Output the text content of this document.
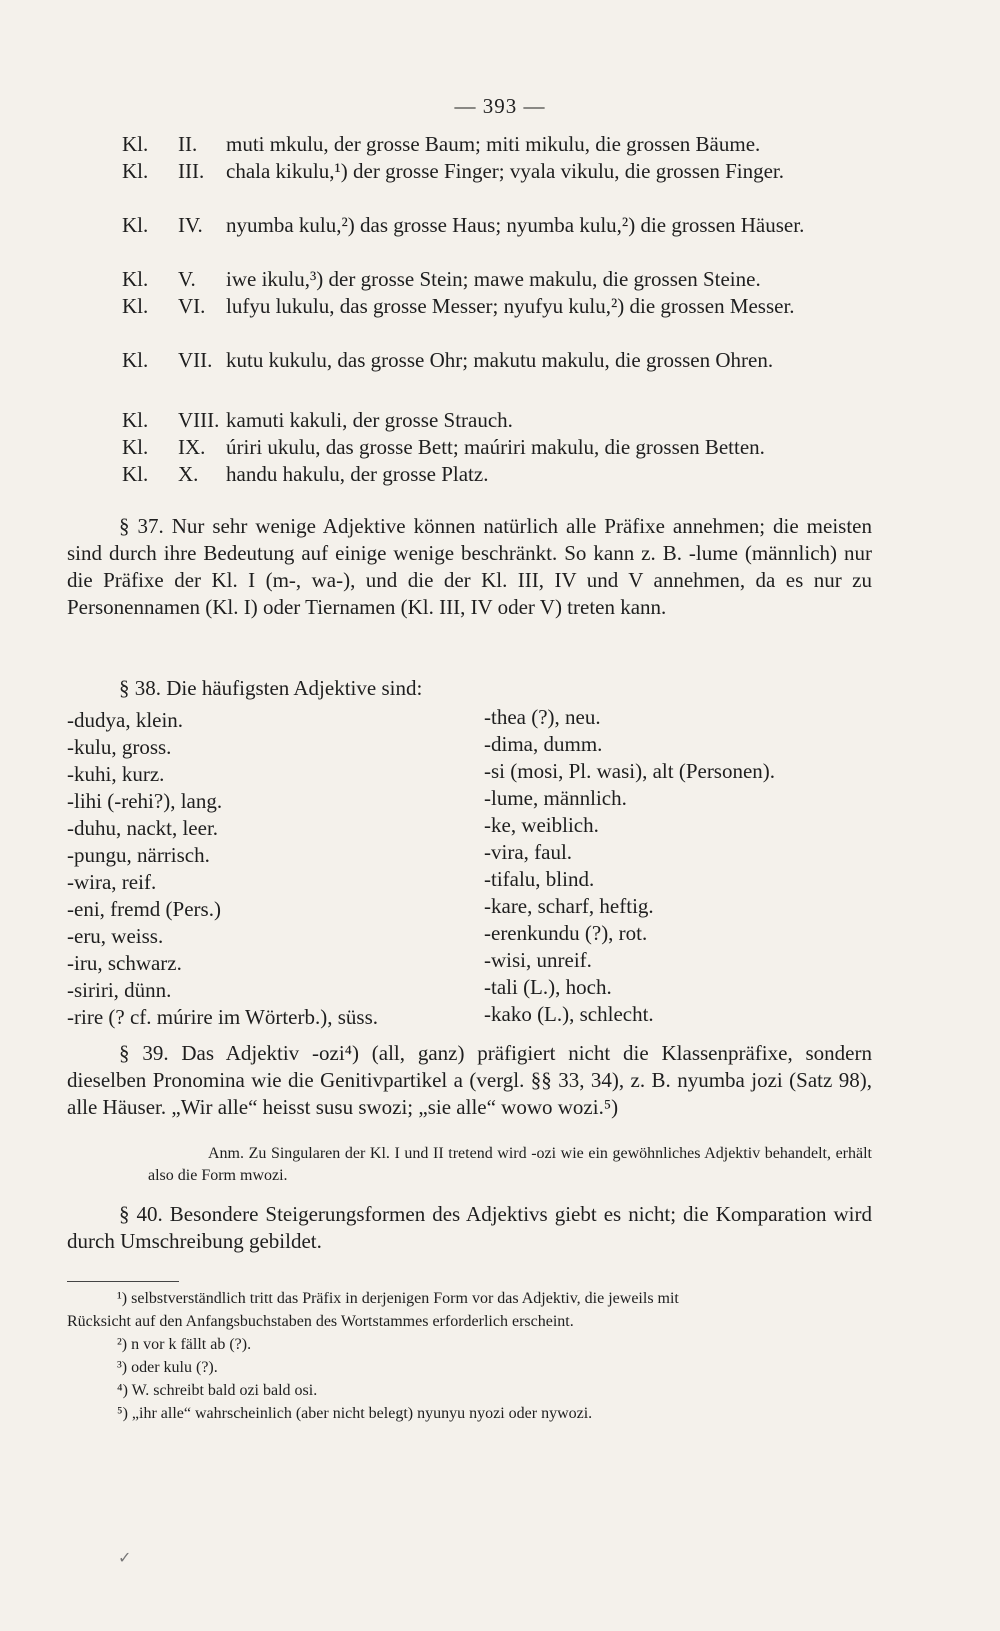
— 393 —
Kl. II. muti mkulu, der grosse Baum; miti mikulu, die grossen Bäume.
Kl. III. chala kikulu,¹) der grosse Finger; vyala vikulu, die grossen Finger.
Kl. IV. nyumba kulu,²) das grosse Haus; nyumba kulu,²) die grossen Häuser.
Kl. V. iwe ikulu,³) der grosse Stein; mawe makulu, die grossen Steine.
Kl. VI. lufyu lukulu, das grosse Messer; nyufyu kulu,²) die grossen Messer.
Kl. VII. kutu kukulu, das grosse Ohr; makutu makulu, die grossen Ohren.
Kl. VIII. kamuti kakuli, der grosse Strauch.
Kl. IX. úriri ukulu, das grosse Bett; maúriri makulu, die grossen Betten.
Kl. X. handu hakulu, der grosse Platz.
§ 37. Nur sehr wenige Adjektive können natürlich alle Präfixe annehmen; die meisten sind durch ihre Bedeutung auf einige wenige beschränkt. So kann z. B. -lume (männlich) nur die Präfixe der Kl. I (m-, wa-), und die der Kl. III, IV und V annehmen, da es nur zu Personennamen (Kl. I) oder Tiernamen (Kl. III, IV oder V) treten kann.
§ 38. Die häufigsten Adjektive sind:
-dudya, klein.
-kulu, gross.
-kuhi, kurz.
-lihi (-rehi?), lang.
-duhu, nackt, leer.
-pungu, närrisch.
-wira, reif.
-eni, fremd (Pers.)
-eru, weiss.
-iru, schwarz.
-siriri, dünn.
-rire (? cf. múrire im Wörterb.), süss.
-thea (?), neu.
-dima, dumm.
-si (mosi, Pl. wasi), alt (Personen).
-lume, männlich.
-ke, weiblich.
-vira, faul.
-tifalu, blind.
-kare, scharf, heftig.
-erenkundu (?), rot.
-wisi, unreif.
-tali (L.), hoch.
-kako (L.), schlecht.
§ 39. Das Adjektiv -ozi⁴) (all, ganz) präfigiert nicht die Klassenpräfixe, sondern dieselben Pronomina wie die Genitivpartikel a (vergl. §§ 33, 34), z. B. nyumba jozi (Satz 98), alle Häuser. „Wir alle“ heisst susu swozi; „sie alle“ wowo wozi.⁵)
Anm. Zu Singularen der Kl. I und II tretend wird -ozi wie ein gewöhnliches Adjektiv behandelt, erhält also die Form mwozi.
§ 40. Besondere Steigerungsformen des Adjektivs giebt es nicht; die Komparation wird durch Umschreibung gebildet.
¹) selbstverständlich tritt das Präfix in derjenigen Form vor das Adjektiv, die jeweils mit
Rücksicht auf den Anfangsbuchstaben des Wortstammes erforderlich erscheint.
²) n vor k fällt ab (?).
³) oder kulu (?).
⁴) W. schreibt bald ozi bald osi.
⁵) „ihr alle“ wahrscheinlich (aber nicht belegt) nyunyu nyozi oder nywozi.
✓
